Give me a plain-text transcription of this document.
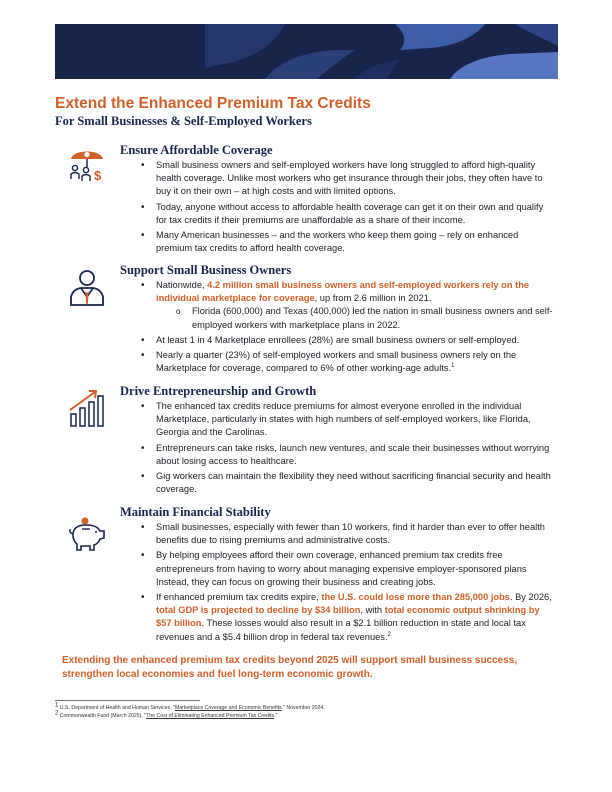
Extend the Enhanced Premium Tax Credits
For Small Businesses & Self-Employed Workers
$
Ensure Affordable Coverage
• Small business owners and self-employed workers have long struggled to afford high-quality health coverage. Unlike most workers who get insurance through their jobs, they often have to buy it on their own – at high costs and with limited options.
• Today, anyone without access to affordable health coverage can get it on their own and qualify for tax credits if their premiums are unaffordable as a share of their income.
• Many American businesses – and the workers who keep them going – rely on enhanced premium tax credits to afford health coverage.
Support Small Business Owners
• Nationwide, 4.2 million small business owners and self-employed workers rely on the individual marketplace for coverage, up from 2.6 million in 2021.
o Florida (600,000) and Texas (400,000) led the nation in small business owners and self-employed workers with marketplace plans in 2022.
• At least 1 in 4 Marketplace enrollees (28%) are small business owners or self-employed.
• Nearly a quarter (23%) of self-employed workers and small business owners rely on the Marketplace for coverage, compared to 6% of other working-age adults.$^1$
Drive Entrepreneurship and Growth
• The enhanced tax credits reduce premiums for almost everyone enrolled in the individual Marketplace, particularly in states with high numbers of self-employed workers, like Florida, Georgia and the Carolinas.
• Entrepreneurs can take risks, launch new ventures, and scale their businesses without worrying about losing access to healthcare.
• Gig workers can maintain the flexibility they need without sacrificing financial security and health coverage.
Maintain Financial Stability
• Small businesses, especially with fewer than 10 workers, find it harder than ever to offer health benefits due to rising premiums and administrative costs.
• By helping employees afford their own coverage, enhanced premium tax credits free entrepreneurs from having to worry about managing expensive employer-sponsored plans Instead, they can focus on growing their business and creating jobs.
• If enhanced premium tax credits expire, the U.S. could lose more than 285,000 jobs. By 2026, total GDP is projected to decline by $34 billion, with total economic output shrinking by $57 billion. These losses would also result in a $2.1 billion reduction in state and local tax revenues and a $5.4 billion drop in federal tax revenues.$^2$
Extending the enhanced premium tax credits beyond 2025 will support small business success, strengthen local economies and fuel long-term economic growth.
$^1$ U.S. Department of Health and Human Services, "Marketplace Coverage and Economic Benefits," November 2024.
$^2$ Commonwealth Fund (March 2025), "The Cost of Eliminating Enhanced Premium Tax Credits."
